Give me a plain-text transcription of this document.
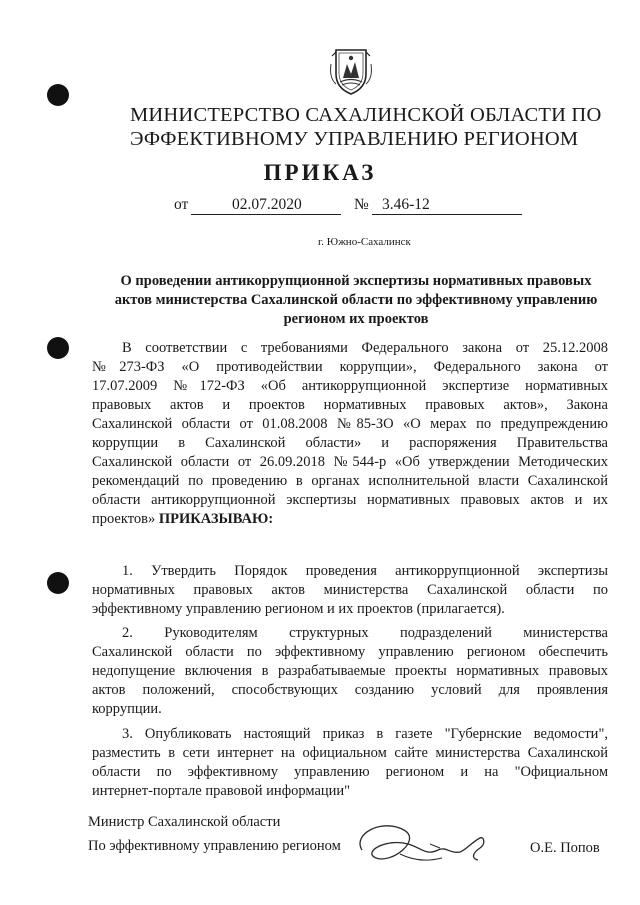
МИНИСТЕРСТВО САХАЛИНСКОЙ ОБЛАСТИ ПО
ЭФФЕКТИВНОМУ УПРАВЛЕНИЮ РЕГИОНОМ
ПРИКАЗ
от	02.07.2020	№ 3.46-12
г. Южно-Сахалинск
О проведении антикоррупционной экспертизы нормативных правовых
актов министерства Сахалинской области по эффективному управлению
регионом их проектов
В соответствии с требованиями Федерального закона от 25.12.2008
№273-ФЗ «О противодействии коррупции», Федерального закона от
17.07.2009 №172-ФЗ «Об антикоррупционной экспертизе нормативных
правовых актов и проектов нормативных правовых актов», Закона
Сахалинской области от 01.08.2008 №85-ЗО «О мерах по предупреждению
коррупции в Сахалинской области» и распоряжения Правительства
Сахалинской области от 26.09.2018 №544-р «Об утверждении Методических
рекомендаций по проведению в органах исполнительной власти Сахалинской
области антикоррупционной экспертизы нормативных правовых актов и их
проектов» ПРИКАЗЫВАЮ:
1. Утвердить Порядок проведения антикоррупционной экспертизы
нормативных правовых актов министерства Сахалинской области по
эффективному управлению регионом и их проектов (прилагается).
2. Руководителям структурных подразделений министерства
Сахалинской области по эффективному управлению регионом обеспечить
недопущение включения в разрабатываемые проекты нормативных правовых
актов положений, способствующих созданию условий для проявления
коррупции.
3. Опубликовать настоящий приказ в газете "Губернские ведомости",
разместить в сети интернет на официальном сайте министерства Сахалинской
области по эффективному управлению регионом и на "Официальном
интернет-портале правовой информации"
Министр Сахалинской области
По эффективному управлению регионом	О.Е. Попов
